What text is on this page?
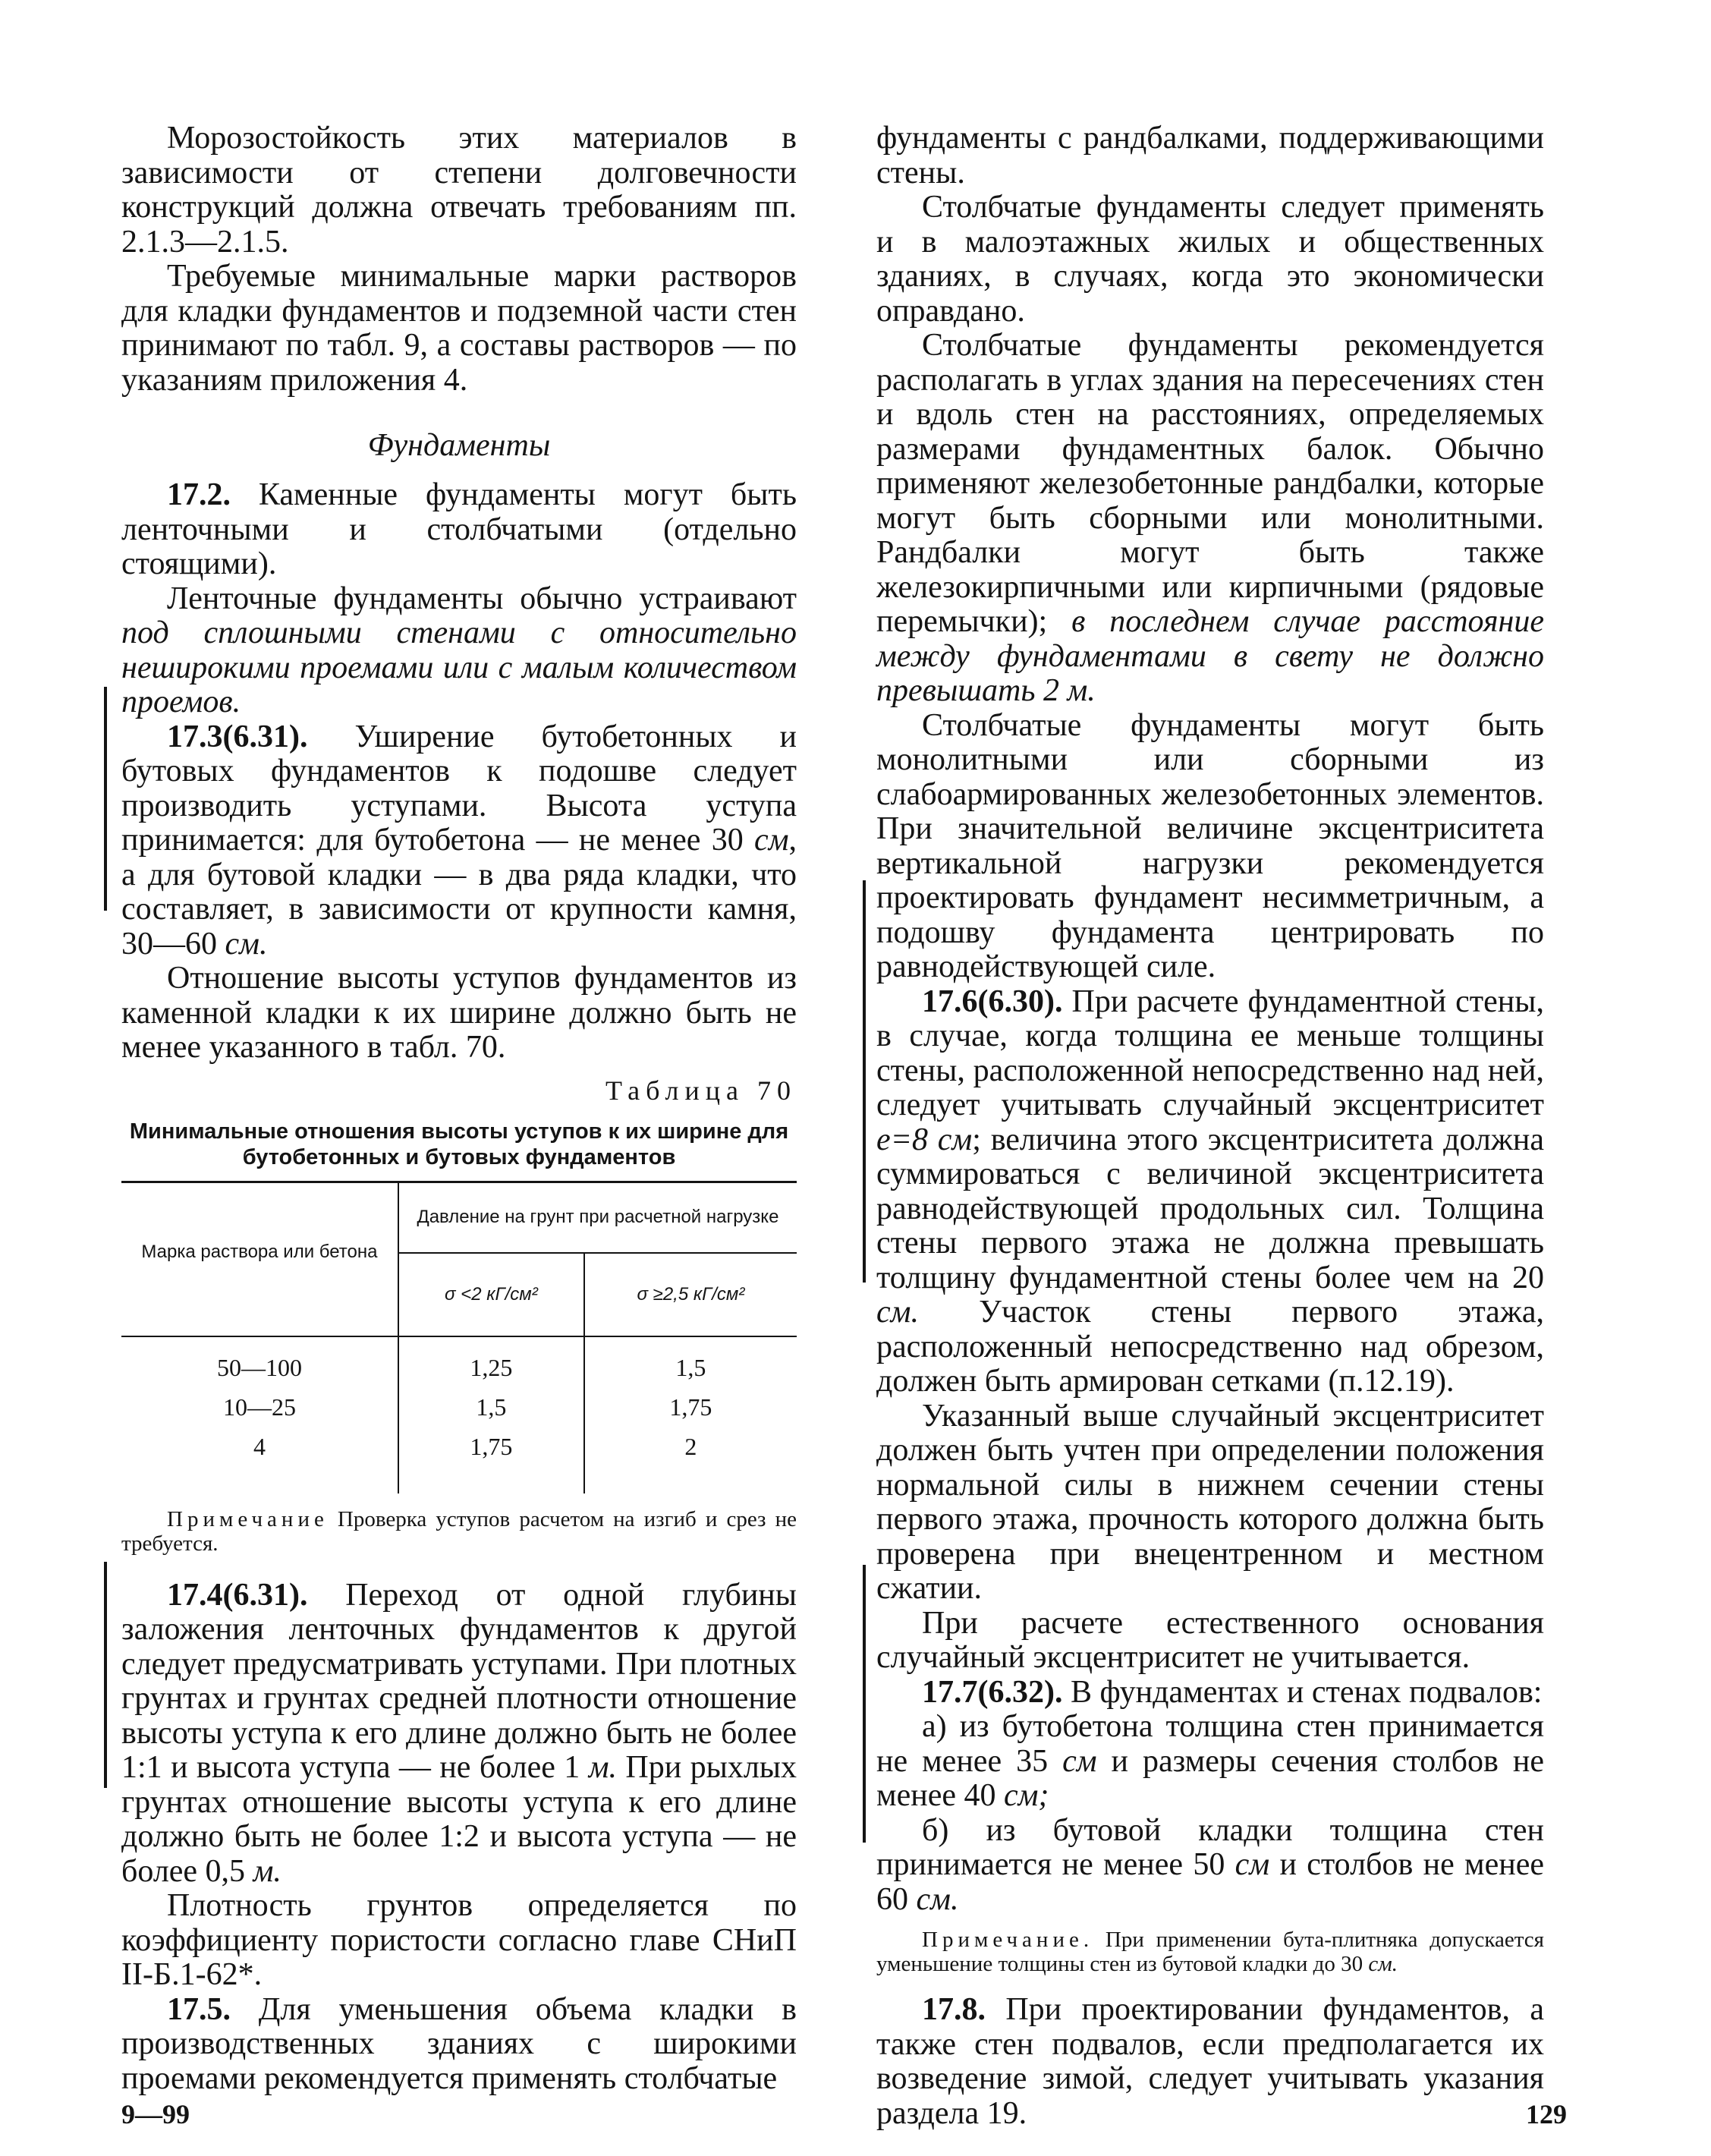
Морозостойкость этих материалов в зависимости от степени долговечности конструкций должна отвечать требованиям пп. 2.1.3—2.1.5.

Требуемые минимальные марки растворов для кладки фундаментов и подземной части стен принимают по табл. 9, а составы растворов — по указаниям приложения 4.

Фундаменты

17.2. Каменные фундаменты могут быть ленточными и столбчатыми (отдельно стоящими).

Ленточные фундаменты обычно устраивают под сплошными стенами с относительно неширокими проемами или с малым количеством проемов.

17.3(6.31). Уширение бутобетонных и бутовых фундаментов к подошве следует производить уступами. Высота уступа принимается: для бутобетона — не менее 30 см, а для бутовой кладки — в два ряда кладки, что составляет, в зависимости от крупности камня, 30—60 см.

Отношение высоты уступов фундаментов из каменной кладки к их ширине должно быть не менее указанного в табл. 70.

Таблица 70
Минимальные отношения высоты уступов к их ширине для бутобетонных и бутовых фундаментов
Марка раствора или бетона	Давление на грунт при расчетной нагрузке	
	σ <2 кГ/см²	σ ≥2,5 кГ/см²
50—100	1,25	1,5
10—25	1,5	1,75
4	1,75	2

Примечание Проверка уступов расчетом на изгиб и срез не требуется.

17.4(6.31). Переход от одной глубины заложения ленточных фундаментов к другой следует предусматривать уступами. При плотных грунтах и грунтах средней плотности отношение высоты уступа к его длине должно быть не более 1:1 и высота уступа — не более 1 м. При рыхлых грунтах отношение высоты уступа к его длине должно быть не более 1:2 и высота уступа — не более 0,5 м.

Плотность грунтов определяется по коэффициенту пористости согласно главе СНиП II-Б.1-62*.

17.5. Для уменьшения объема кладки в производственных зданиях с широкими проемами рекомендуется применять столбчатые

фундаменты с рандбалками, поддерживающими стены.

Столбчатые фундаменты следует применять и в малоэтажных жилых и общественных зданиях, в случаях, когда это экономически оправдано.

Столбчатые фундаменты рекомендуется располагать в углах здания на пересечениях стен и вдоль стен на расстояниях, определяемых размерами фундаментных балок. Обычно применяют железобетонные рандбалки, которые могут быть сборными или монолитными. Рандбалки могут быть также железокирпичными или кирпичными (рядовые перемычки); в последнем случае расстояние между фундаментами в свету не должно превышать 2 м.

Столбчатые фундаменты могут быть монолитными или сборными из слабоармированных железобетонных элементов. При значительной величине эксцентриситета вертикальной нагрузки рекомендуется проектировать фундамент несимметричным, а подошву фундамента центрировать по равнодействующей силе.

17.6(6.30). При расчете фундаментной стены, в случае, когда толщина ее меньше толщины стены, расположенной непосредственно над ней, следует учитывать случайный эксцентриситет e=8 см; величина этого эксцентриситета должна суммироваться с величиной эксцентриситета равнодействующей продольных сил. Толщина стены первого этажа не должна превышать толщину фундаментной стены более чем на 20 см. Участок стены первого этажа, расположенный непосредственно над обрезом, должен быть армирован сетками (п.12.19).

Указанный выше случайный эксцентриситет должен быть учтен при определении положения нормальной силы в нижнем сечении стены первого этажа, прочность которого должна быть проверена при внецентренном и местном сжатии.

При расчете естественного основания случайный эксцентриситет не учитывается.

17.7(6.32). В фундаментах и стенах подвалов:

а) из бутобетона толщина стен принимается не менее 35 см и размеры сечения столбов не менее 40 см;

б) из бутовой кладки толщина стен принимается не менее 50 см и столбов не менее 60 см.

Примечание. При применении бута-плитняка допускается уменьшение толщины стен из бутовой кладки до 30 см.

17.8. При проектировании фундаментов, а также стен подвалов, если предполагается их возведение зимой, следует учитывать указания раздела 19.

9—99	129
